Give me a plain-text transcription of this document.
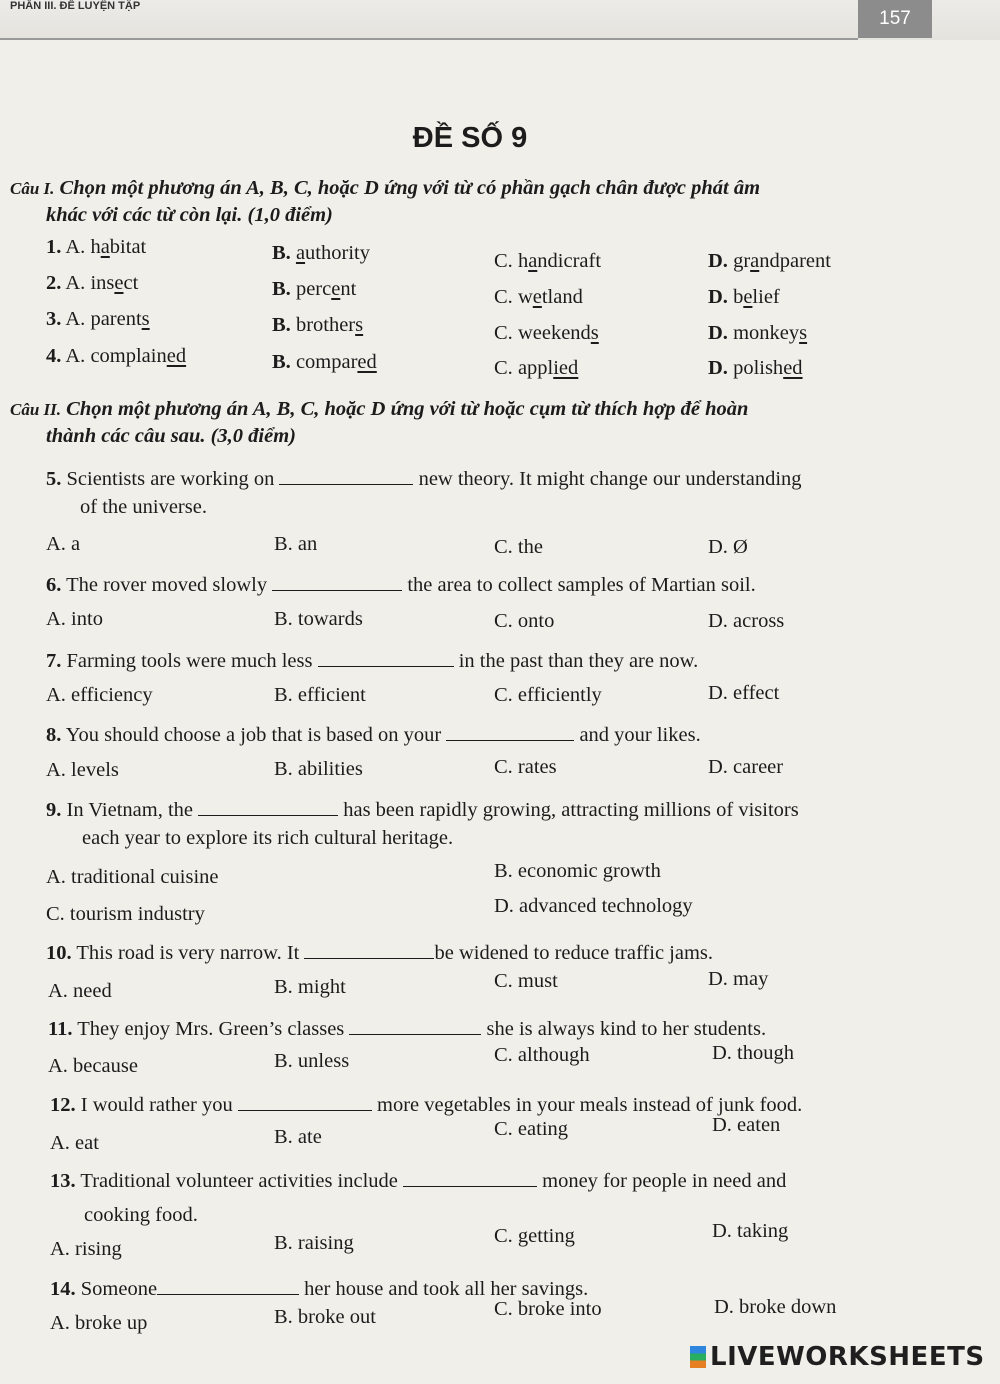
PHẦN III. ĐỀ LUYỆN TẬP
157
ĐỀ SỐ 9
Câu I. Chọn một phương án A, B, C, hoặc D ứng với từ có phần gạch chân được phát âm
khác với các từ còn lại. (1,0 điểm)
1. A. habitat	B. authority	C. handicraft	D. grandparent
2. A. insect	B. percent	C. wetland	D. belief
3. A. parents	B. brothers	C. weekends	D. monkeys
4. A. complained	B. compared	C. applied	D. polished
Câu II. Chọn một phương án A, B, C, hoặc D ứng với từ hoặc cụm từ thích hợp để hoàn
thành các câu sau. (3,0 điểm)
5. Scientists are working on	new theory. It might change our understanding
of the universe.
A. a	B. an	C. the	D. Ø
6. The rover moved slowly	the area to collect samples of Martian soil.
A. into	B. towards	C. onto	D. across
7. Farming tools were much less	in the past than they are now.
A. efficiency	B. efficient	C. efficiently	D. effect
8. You should choose a job that is based on your	and your likes.
A. levels	B. abilities	C. rates	D. career
9. In Vietnam, the	has been rapidly growing, attracting millions of visitors
each year to explore its rich cultural heritage.
A. traditional cuisine	B. economic growth
C. tourism industry	D. advanced technology
10. This road is very narrow. It	be widened to reduce traffic jams.
A. need	B. might	C. must	D. may
11. They enjoy Mrs. Green’s classes	she is always kind to her students.
A. because	B. unless	C. although	D. though
12. I would rather you	more vegetables in your meals instead of junk food.
A. eat	B. ate	C. eating	D. eaten
13. Traditional volunteer activities include	money for people in need and
cooking food.
A. rising	B. raising	C. getting	D. taking
14. Someone	her house and took all her savings.
A. broke up	B. broke out	C. broke into	D. broke down
LIVEWORKSHEETS
